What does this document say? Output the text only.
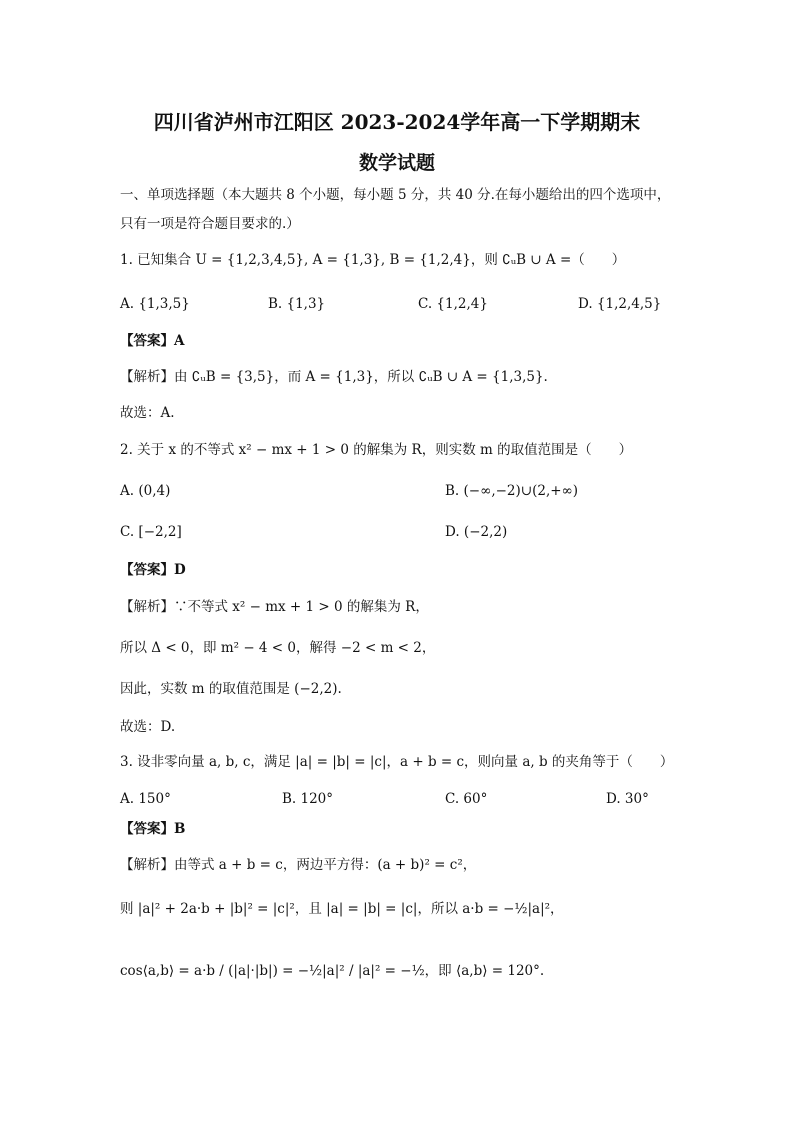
四川省泸州市江阳区 2023-2024学年高一下学期期末
数学试题
一、单项选择题（本大题共 8 个小题，每小题 5 分，共 40 分.在每小题给出的四个选项中，
只有一项是符合题目要求的.）
1. 已知集合 U = {1,2,3,4,5}, A = {1,3}, B = {1,2,4}，则 ∁ᵤB ∪ A =（　　）
A. {1,3,5}	B. {1,3}	C. {1,2,4}	D. {1,2,4,5}
【答案】A
【解析】由 ∁ᵤB = {3,5}，而 A = {1,3}，所以 ∁ᵤB ∪ A = {1,3,5}.
故选：A.
2. 关于 x 的不等式 x² − mx + 1 > 0 的解集为 R，则实数 m 的取值范围是（　　）
A. (0,4)	B. (−∞,−2)∪(2,+∞)
C. [−2,2]	D. (−2,2)
【答案】D
【解析】∵不等式 x² − mx + 1 > 0 的解集为 R，
所以 Δ < 0，即 m² − 4 < 0，解得 −2 < m < 2，
因此，实数 m 的取值范围是 (−2,2).
故选：D.
3. 设非零向量 a, b, c，满足 |a| = |b| = |c|，a + b = c，则向量 a, b 的夹角等于（　　）
A. 150°	B. 120°	C. 60°	D. 30°
【答案】B
【解析】由等式 a + b = c，两边平方得：(a + b)² = c²，
则 |a|² + 2a·b + |b|² = |c|²，且 |a| = |b| = |c|，所以 a·b = −½|a|²，
cos⟨a,b⟩ = a·b / (|a|·|b|) = −½|a|² / |a|² = −½，即 ⟨a,b⟩ = 120°.
